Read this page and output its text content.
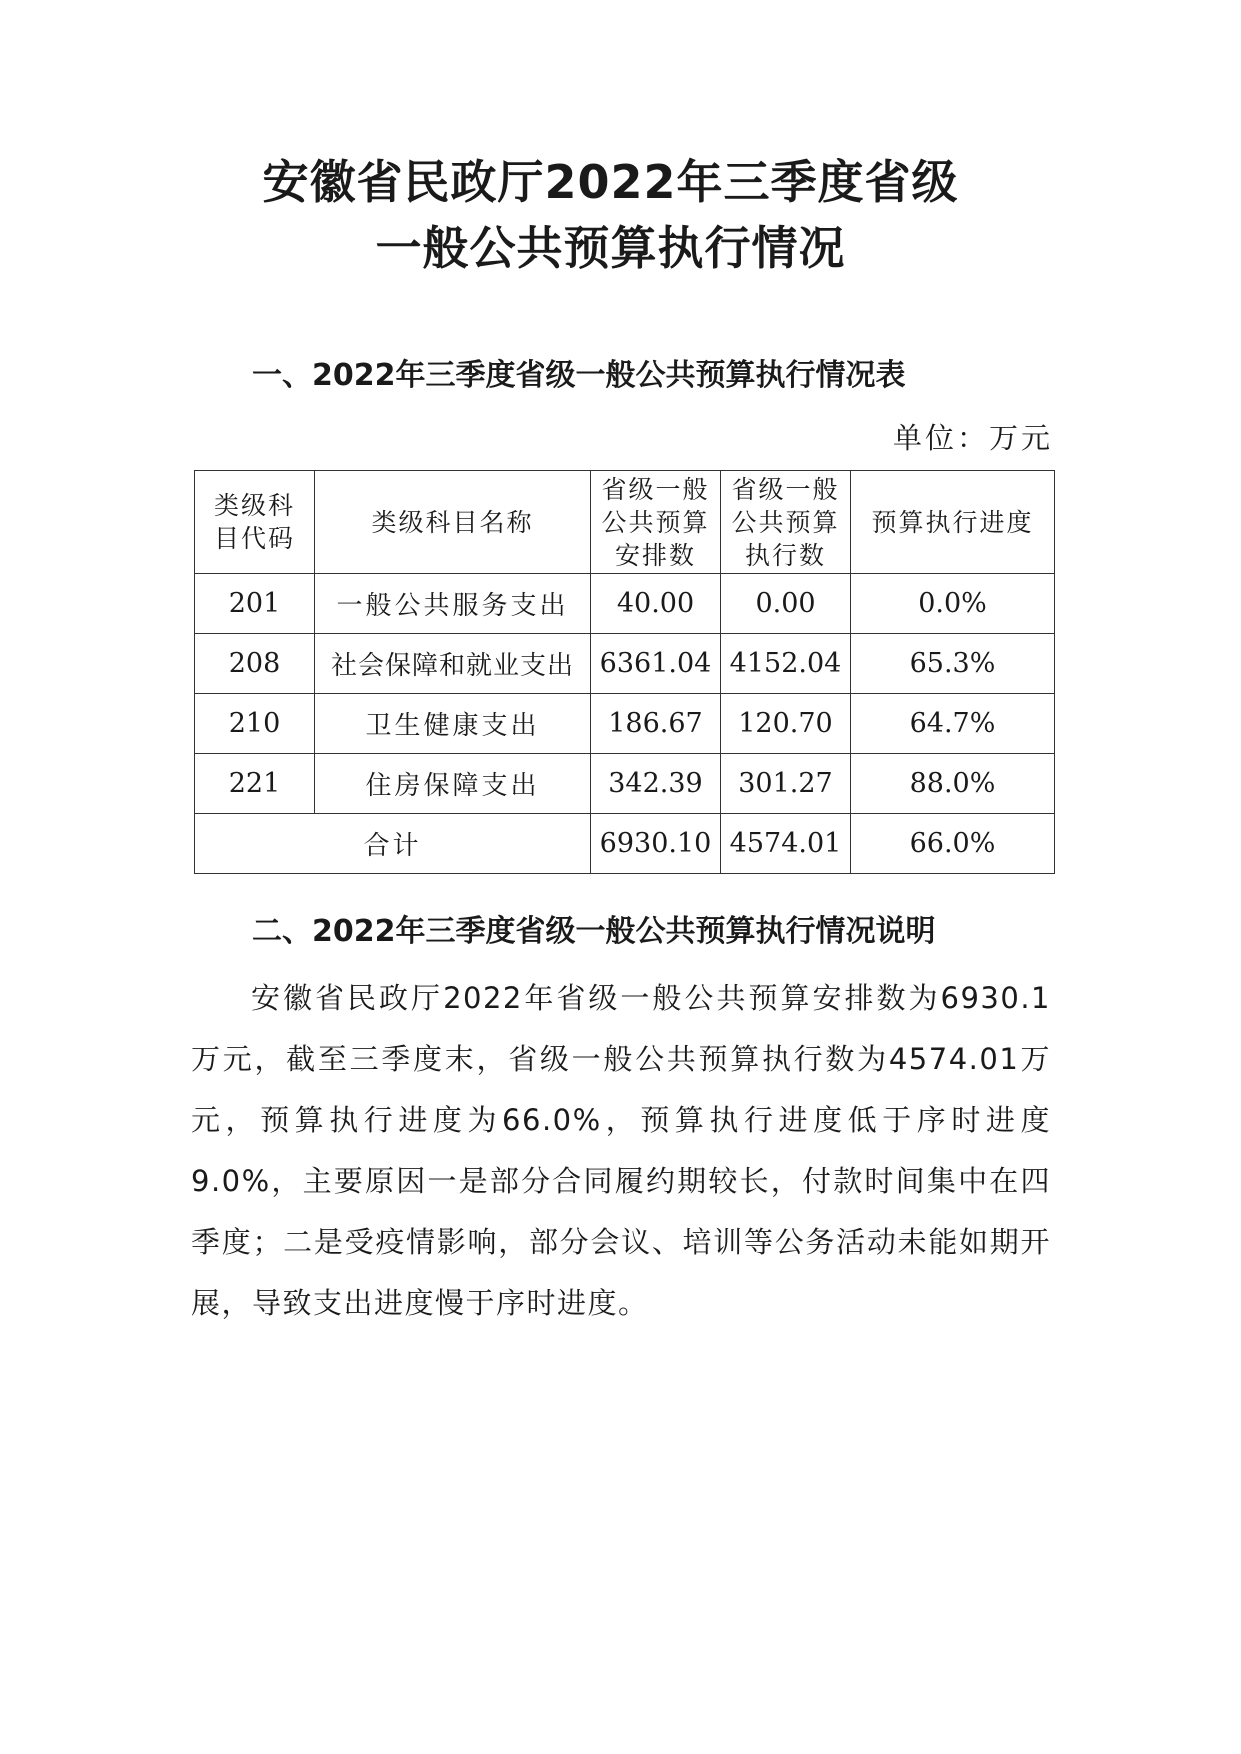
安徽省民政厅2022年三季度省级
一般公共预算执行情况
一、2022年三季度省级一般公共预算执行情况表
单位：万元
类级科目代码	类级科目名称	省级一般公共预算安排数	省级一般公共预算执行数	预算执行进度
201	一般公共服务支出	40.00	0.00	0.0%
208	社会保障和就业支出	6361.04	4152.04	65.3%
210	卫生健康支出	186.67	120.70	64.7%
221	住房保障支出	342.39	301.27	88.0%
合计		6930.10	4574.01	66.0%
二、2022年三季度省级一般公共预算执行情况说明

安徽省民政厅2022年省级一般公共预算安排数为6930.1万元，截至三季度末，省级一般公共预算执行数为4574.01万元，预算执行进度为66.0%，预算执行进度低于序时进度9.0%，主要原因一是部分合同履约期较长，付款时间集中在四季度；二是受疫情影响，部分会议、培训等公务活动未能如期开展，导致支出进度慢于序时进度。
